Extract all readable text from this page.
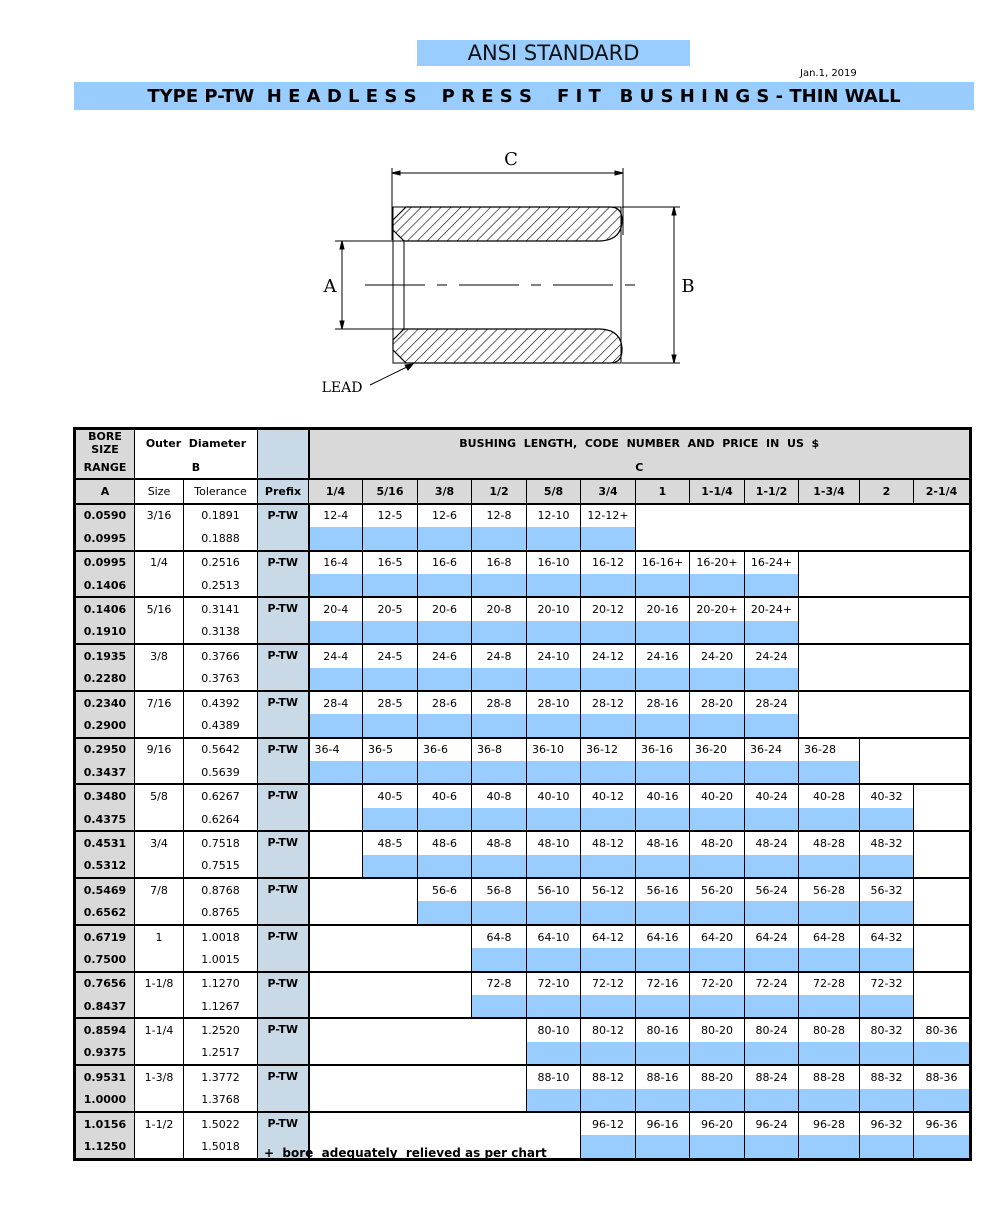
ANSI STANDARD
Jan.1, 2019
TYPE P-TW  H E A D L E S S    P R E S S    F I T   B U S H I N G S - THIN WALL
C
A	B
LEAD
BORE SIZE	Outer  Diameter			BUSHING  LENGTH,  CODE  NUMBER  AND  PRICE  IN  US  $											

RANGE	B			C											
A	Size	Tolerance	Prefix	1/4	5/16	3/8	1/2	5/8	3/4	1	1-1/4	1-1/2	1-3/4	2	2-1/4
0.0590	3/16	0.1891	P-TW	12-4	12-5	12-6	12-8	12-10	12-12+						
0.0995		0.1888													
0.0995	1/4	0.2516	P-TW	16-4	16-5	16-6	16-8	16-10	16-12	16-16+	16-20+	16-24+			
0.1406		0.2513													
0.1406	5/16	0.3141	P-TW	20-4	20-5	20-6	20-8	20-10	20-12	20-16	20-20+	20-24+			
0.1910		0.3138													
0.1935	3/8	0.3766	P-TW	24-4	24-5	24-6	24-8	24-10	24-12	24-16	24-20	24-24			
0.2280		0.3763													
0.2340	7/16	0.4392	P-TW	28-4	28-5	28-6	28-8	28-10	28-12	28-16	28-20	28-24			
0.2900		0.4389													
0.2950	9/16	0.5642	P-TW	36-4	36-5	36-6	36-8	36-10	36-12	36-16	36-20	36-24	36-28		
0.3437		0.5639													
0.3480	5/8	0.6267	P-TW		40-5	40-6	40-8	40-10	40-12	40-16	40-20	40-24	40-28	40-32	
0.4375		0.6264													
0.4531	3/4	0.7518	P-TW		48-5	48-6	48-8	48-10	48-12	48-16	48-20	48-24	48-28	48-32	
0.5312		0.7515													
0.5469	7/8	0.8768	P-TW			56-6	56-8	56-10	56-12	56-16	56-20	56-24	56-28	56-32	
0.6562		0.8765													
0.6719	1	1.0018	P-TW				64-8	64-10	64-12	64-16	64-20	64-24	64-28	64-32	
0.7500		1.0015													
0.7656	1-1/8	1.1270	P-TW				72-8	72-10	72-12	72-16	72-20	72-24	72-28	72-32	
0.8437		1.1267													
0.8594	1-1/4	1.2520	P-TW					80-10	80-12	80-16	80-20	80-24	80-28	80-32	80-36
0.9375		1.2517													
0.9531	1-3/8	1.3772	P-TW					88-10	88-12	88-16	88-20	88-24	88-28	88-32	88-36
1.0000		1.3768													
1.0156	1-1/2	1.5022	P-TW						96-12	96-16	96-20	96-24	96-28	96-32	96-36
1.1250		1.5018													+  bore  adequately  relieved as per chart
